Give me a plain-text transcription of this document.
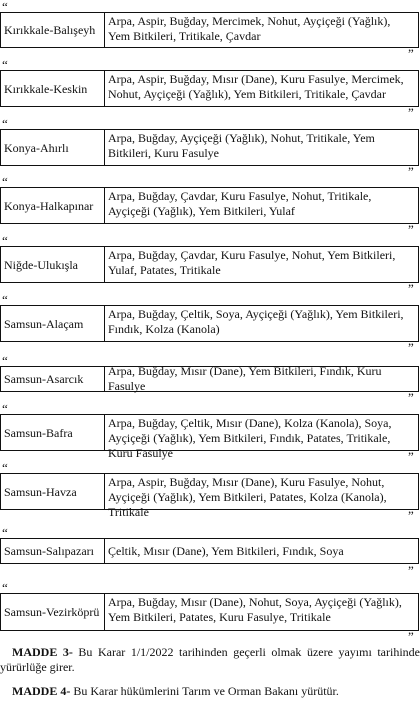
“
Kırıkkale-Balışeyh
Arpa, Aspir, Buğday, Mercimek, Nohut, Ayçiçeği (Yağlık), Yem Bitkileri, Tritikale, Çavdar
”
“
Kırıkkale-Keskin
Arpa, Aspir, Buğday, Mısır (Dane), Kuru Fasulye, Mercimek, Nohut, Ayçiçeği (Yağlık), Yem Bitkileri, Tritikale, Çavdar
”
“
Konya-Ahırlı
Arpa, Buğday, Ayçiçeği (Yağlık), Nohut, Tritikale, Yem Bitkileri, Kuru Fasulye
”
“
Konya-Halkapınar
Arpa, Buğday, Çavdar, Kuru Fasulye, Nohut, Tritikale, Ayçiçeği (Yağlık), Yem Bitkileri, Yulaf
”
“
Niğde-Ulukışla
Arpa, Buğday, Çavdar, Kuru Fasulye, Nohut, Yem Bitkileri, Yulaf, Patates, Tritikale
”
“
Samsun-Alaçam
Arpa, Buğday, Çeltik, Soya, Ayçiçeği (Yağlık), Yem Bitkileri, Fındık, Kolza (Kanola)
”
“
Samsun-Asarcık
Arpa, Buğday, Mısır (Dane), Yem Bitkileri, Fındık, Kuru Fasulye
”
“
Samsun-Bafra
Arpa, Buğday, Çeltik, Mısır (Dane), Kolza (Kanola), Soya, Ayçiçeği (Yağlık), Yem Bitkileri, Fındık, Patates, Tritikale, Kuru Fasulye	”
“
Samsun-Havza
Arpa, Aspir, Buğday, Mısır (Dane), Kuru Fasulye, Nohut, Ayçiçeği (Yağlık), Yem Bitkileri, Patates, Kolza (Kanola), Tritikale	”
“
Samsun-Salıpazarı	Çeltik, Mısır (Dane), Yem Bitkileri, Fındık, Soya
”
“
Samsun-Vezirköprü
Arpa, Buğday, Mısır (Dane), Nohut, Soya, Ayçiçeği (Yağlık), Yem Bitkileri, Patates, Kuru Fasulye, Tritikale
”
MADDE 3- Bu Karar 1/1/2022 tarihinden geçerli olmak üzere yayımı tarihinde yürürlüğe girer.
MADDE 4- Bu Karar hükümlerini Tarım ve Orman Bakanı yürütür.
